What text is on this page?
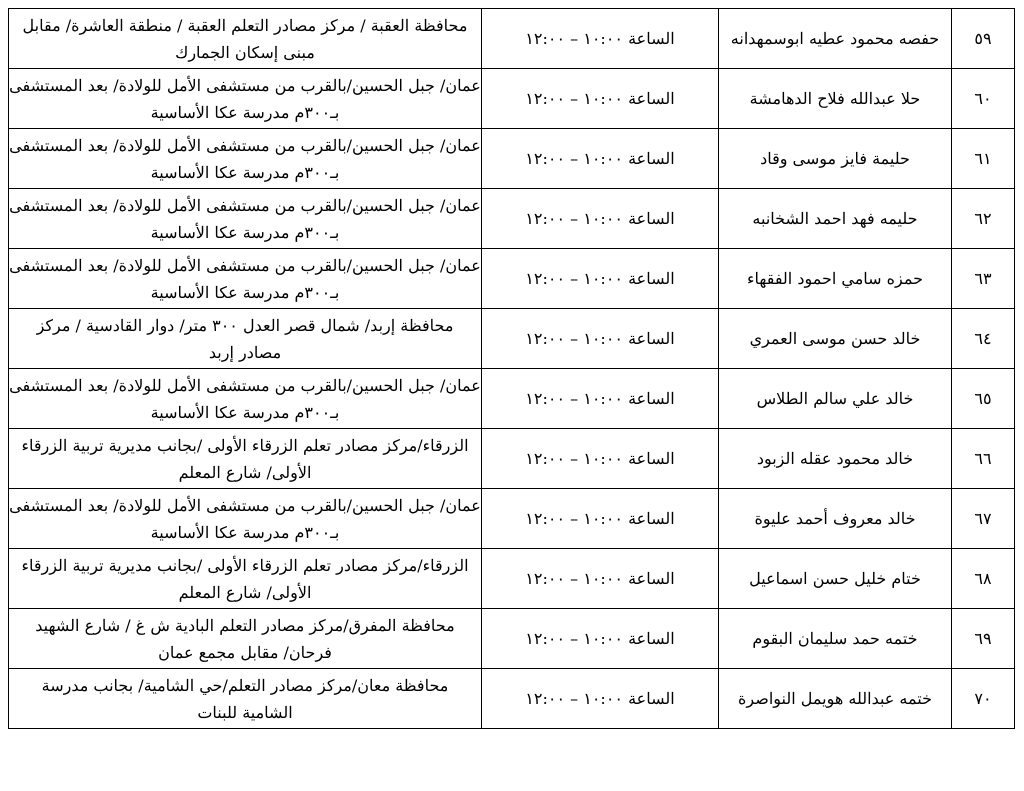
٥٩	حفصه محمود عطيه ابوسمهدانه	الساعة ١٠:٠٠ – ١٢:٠٠	محافظة العقبة / مركز مصادر التعلم العقبة / منطقة العاشرة/ مقابل
مبنى إسكان الجمارك

٦٠	حلا عبدالله فلاح الدهامشة	الساعة ١٠:٠٠ – ١٢:٠٠	عمان/ جبل الحسين/بالقرب من مستشفى الأمل للولادة/ بعد المستشفى
بـ٣٠٠م مدرسة عكا الأساسية

٦١	حليمة فايز موسى وقاد	الساعة ١٠:٠٠ – ١٢:٠٠	عمان/ جبل الحسين/بالقرب من مستشفى الأمل للولادة/ بعد المستشفى
بـ٣٠٠م مدرسة عكا الأساسية

٦٢	حليمه فهد احمد الشخانبه	الساعة ١٠:٠٠ – ١٢:٠٠	عمان/ جبل الحسين/بالقرب من مستشفى الأمل للولادة/ بعد المستشفى
بـ٣٠٠م مدرسة عكا الأساسية

٦٣	حمزه سامي احمود الفقهاء	الساعة ١٠:٠٠ – ١٢:٠٠	عمان/ جبل الحسين/بالقرب من مستشفى الأمل للولادة/ بعد المستشفى
بـ٣٠٠م مدرسة عكا الأساسية

٦٤	خالد حسن موسى العمري	الساعة ١٠:٠٠ – ١٢:٠٠	محافظة إربد/ شمال قصر العدل ٣٠٠ متر/ دوار القادسية / مركز
مصادر إربد

٦٥	خالد علي سالم الطلاس	الساعة ١٠:٠٠ – ١٢:٠٠	عمان/ جبل الحسين/بالقرب من مستشفى الأمل للولادة/ بعد المستشفى
بـ٣٠٠م مدرسة عكا الأساسية

٦٦	خالد محمود عقله الزبود	الساعة ١٠:٠٠ – ١٢:٠٠	الزرقاء/مركز مصادر تعلم الزرقاء الأولى /بجانب مديرية تربية الزرقاء
الأولى/ شارع المعلم

٦٧	خالد معروف أحمد عليوة	الساعة ١٠:٠٠ – ١٢:٠٠	عمان/ جبل الحسين/بالقرب من مستشفى الأمل للولادة/ بعد المستشفى
بـ٣٠٠م مدرسة عكا الأساسية

٦٨	ختام خليل حسن اسماعيل	الساعة ١٠:٠٠ – ١٢:٠٠	الزرقاء/مركز مصادر تعلم الزرقاء الأولى /بجانب مديرية تربية الزرقاء
الأولى/ شارع المعلم

٦٩	ختمه حمد سليمان البقوم	الساعة ١٠:٠٠ – ١٢:٠٠	محافظة المفرق/مركز مصادر التعلم البادية ش غ / شارع الشهيد
فرحان/ مقابل مجمع عمان

٧٠	ختمه عبدالله هويمل النواصرة	الساعة ١٠:٠٠ – ١٢:٠٠	محافظة معان/مركز مصادر التعلم/حي الشامية/ بجانب مدرسة
الشامية للبنات
